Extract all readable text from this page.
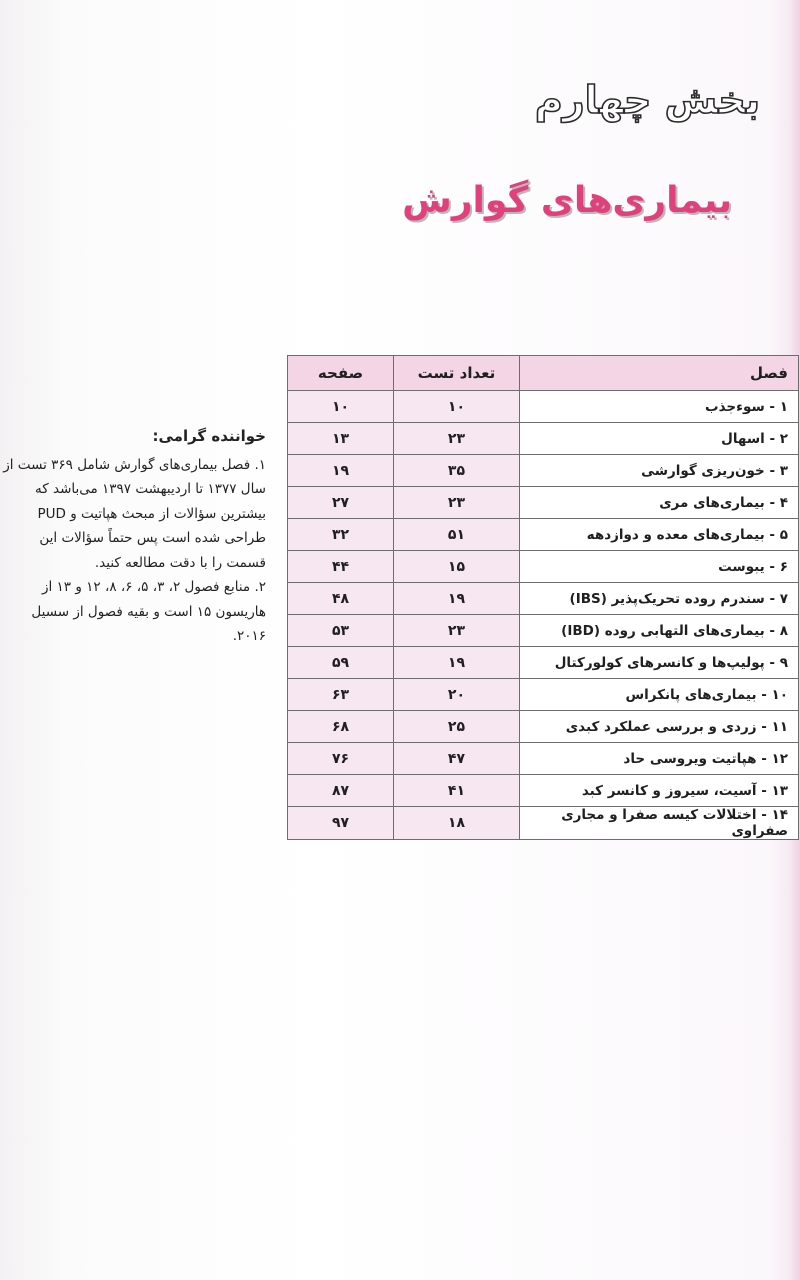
بخش چهارم
بیماری‌های گوارش
خواننده گرامی:
۱. فصل بیماری‌های گوارش شامل ۳۶۹ تست از سال ۱۳۷۷ تا اردیبهشت ۱۳۹۷ می‌باشد که بیشترین سؤالات از مبحث هپاتیت و PUD طراحی شده است پس حتماً سؤالات این قسمت را با دقت مطالعه کنید.
۲. منابع فصول ۲، ۳، ۵، ۶، ۸، ۱۲ و ۱۳ از هاریسون ۱۵ است و بقیه فصول از سسیل ۲۰۱۶.
فصل	تعداد تست	صفحه
۱ - سوءجذب	۱۰	۱۰
۲ - اسهال	۲۳	۱۳
۳ - خون‌ریزی گوارشی	۳۵	۱۹
۴ - بیماری‌های مری	۲۳	۲۷
۵ - بیماری‌های معده و دوازدهه	۵۱	۳۲
۶ - یبوست	۱۵	۴۴
۷ - سندرم روده تحریک‌پذیر (IBS)	۱۹	۴۸
۸ - بیماری‌های التهابی روده (IBD)	۲۳	۵۳
۹ - پولیپ‌ها و کانسرهای کولورکتال	۱۹	۵۹
۱۰ - بیماری‌های پانکراس	۲۰	۶۳
۱۱ - زردی و بررسی عملکرد کبدی	۲۵	۶۸
۱۲ - هپاتیت ویروسی حاد	۴۷	۷۶
۱۳ - آسیت، سیروز و کانسر کبد	۴۱	۸۷
۱۴ - اختلالات کیسه صفرا و مجاری صفراوی	۱۸	۹۷
